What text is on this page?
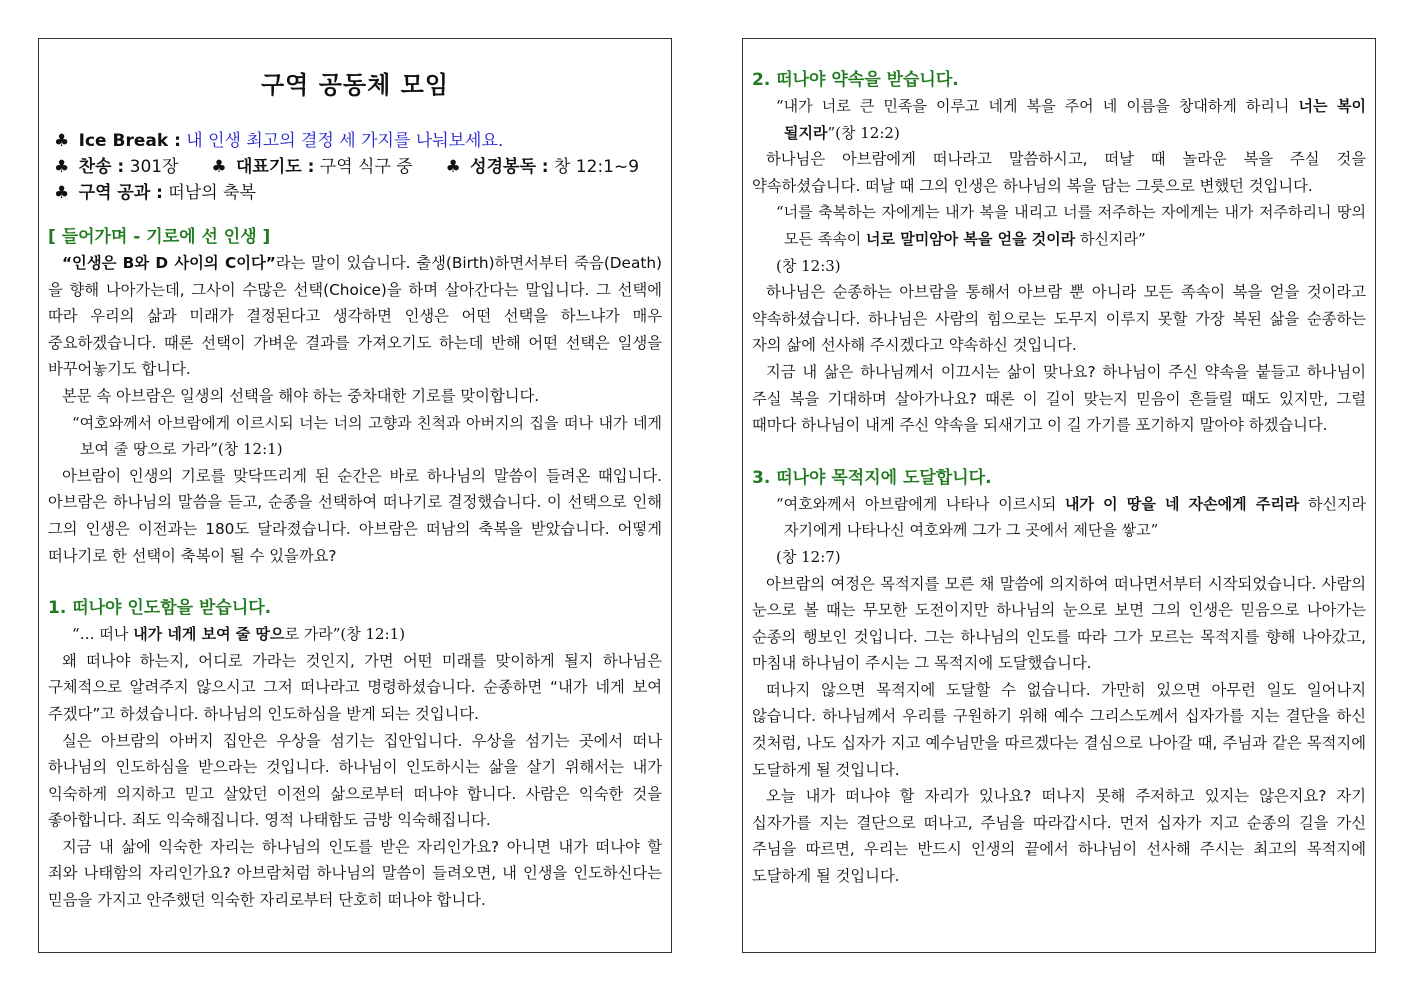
구역 공동체 모임
♣ Ice Break : 내 인생 최고의 결정 세 가지를 나눠보세요.
♣ 찬송 : 301장 ♣ 대표기도 : 구역 식구 중 ♣ 성경봉독 : 창 12:1~9
♣ 구역 공과 : 떠남의 축복
[ 들어가며 - 기로에 선 인생 ]

“인생은 B와 D 사이의 C이다”라는 말이 있습니다. 출생(Birth)하면서부터 죽음(Death)을 향해 나아가는데, 그사이 수많은 선택(Choice)을 하며 살아간다는 말입니다. 그 선택에 따라 우리의 삶과 미래가 결정된다고 생각하면 인생은 어떤 선택을 하느냐가 매우 중요하겠습니다. 때론 선택이 가벼운 결과를 가져오기도 하는데 반해 어떤 선택은 일생을 바꾸어놓기도 합니다.

본문 속 아브람은 일생의 선택을 해야 하는 중차대한 기로를 맞이합니다.

“여호와께서 아브람에게 이르시되 너는 너의 고향과 친척과 아버지의 집을 떠나 내가 네게 보여 줄 땅으로 가라”(창 12:1)

아브람이 인생의 기로를 맞닥뜨리게 된 순간은 바로 하나님의 말씀이 들려온 때입니다. 아브람은 하나님의 말씀을 듣고, 순종을 선택하여 떠나기로 결정했습니다. 이 선택으로 인해 그의 인생은 이전과는 180도 달라졌습니다. 아브람은 떠남의 축복을 받았습니다. 어떻게 떠나기로 한 선택이 축복이 될 수 있을까요?

1. 떠나야 인도함을 받습니다.
“… 떠나 내가 네게 보여 줄 땅으로 가라”(창 12:1)

왜 떠나야 하는지, 어디로 가라는 것인지, 가면 어떤 미래를 맞이하게 될지 하나님은 구체적으로 알려주지 않으시고 그저 떠나라고 명령하셨습니다. 순종하면 “내가 네게 보여 주겠다”고 하셨습니다. 하나님의 인도하심을 받게 되는 것입니다.

실은 아브람의 아버지 집안은 우상을 섬기는 집안입니다. 우상을 섬기는 곳에서 떠나 하나님의 인도하심을 받으라는 것입니다. 하나님이 인도하시는 삶을 살기 위해서는 내가 익숙하게 의지하고 믿고 살았던 이전의 삶으로부터 떠나야 합니다. 사람은 익숙한 것을 좋아합니다. 죄도 익숙해집니다. 영적 나태함도 금방 익숙해집니다.

지금 내 삶에 익숙한 자리는 하나님의 인도를 받은 자리인가요? 아니면 내가 떠나야 할 죄와 나태함의 자리인가요? 아브람처럼 하나님의 말씀이 들려오면, 내 인생을 인도하신다는 믿음을 가지고 안주했던 익숙한 자리로부터 단호히 떠나야 합니다.

2. 떠나야 약속을 받습니다.
“내가 너로 큰 민족을 이루고 네게 복을 주어 네 이름을 창대하게 하리니 너는 복이 될지라”(창 12:2)

하나님은 아브람에게 떠나라고 말씀하시고, 떠날 때 놀라운 복을 주실 것을 약속하셨습니다. 떠날 때 그의 인생은 하나님의 복을 담는 그릇으로 변했던 것입니다.

“너를 축복하는 자에게는 내가 복을 내리고 너를 저주하는 자에게는 내가 저주하리니 땅의 모든 족속이 너로 말미암아 복을 얻을 것이라 하신지라”
(창 12:3)

하나님은 순종하는 아브람을 통해서 아브람 뿐 아니라 모든 족속이 복을 얻을 것이라고 약속하셨습니다. 하나님은 사람의 힘으로는 도무지 이루지 못할 가장 복된 삶을 순종하는 자의 삶에 선사해 주시겠다고 약속하신 것입니다.

지금 내 삶은 하나님께서 이끄시는 삶이 맞나요? 하나님이 주신 약속을 붙들고 하나님이 주실 복을 기대하며 살아가나요? 때론 이 길이 맞는지 믿음이 흔들릴 때도 있지만, 그럴 때마다 하나님이 내게 주신 약속을 되새기고 이 길 가기를 포기하지 말아야 하겠습니다.

3. 떠나야 목적지에 도달합니다.
“여호와께서 아브람에게 나타나 이르시되 내가 이 땅을 네 자손에게 주리라 하신지라 자기에게 나타나신 여호와께 그가 그 곳에서 제단을 쌓고”
(창 12:7)

아브람의 여정은 목적지를 모른 채 말씀에 의지하여 떠나면서부터 시작되었습니다. 사람의 눈으로 볼 때는 무모한 도전이지만 하나님의 눈으로 보면 그의 인생은 믿음으로 나아가는 순종의 행보인 것입니다. 그는 하나님의 인도를 따라 그가 모르는 목적지를 향해 나아갔고, 마침내 하나님이 주시는 그 목적지에 도달했습니다.

떠나지 않으면 목적지에 도달할 수 없습니다. 가만히 있으면 아무런 일도 일어나지 않습니다. 하나님께서 우리를 구원하기 위해 예수 그리스도께서 십자가를 지는 결단을 하신 것처럼, 나도 십자가 지고 예수님만을 따르겠다는 결심으로 나아갈 때, 주님과 같은 목적지에 도달하게 될 것입니다.

오늘 내가 떠나야 할 자리가 있나요? 떠나지 못해 주저하고 있지는 않은지요? 자기 십자가를 지는 결단으로 떠나고, 주님을 따라갑시다. 먼저 십자가 지고 순종의 길을 가신 주님을 따르면, 우리는 반드시 인생의 끝에서 하나님이 선사해 주시는 최고의 목적지에 도달하게 될 것입니다.
